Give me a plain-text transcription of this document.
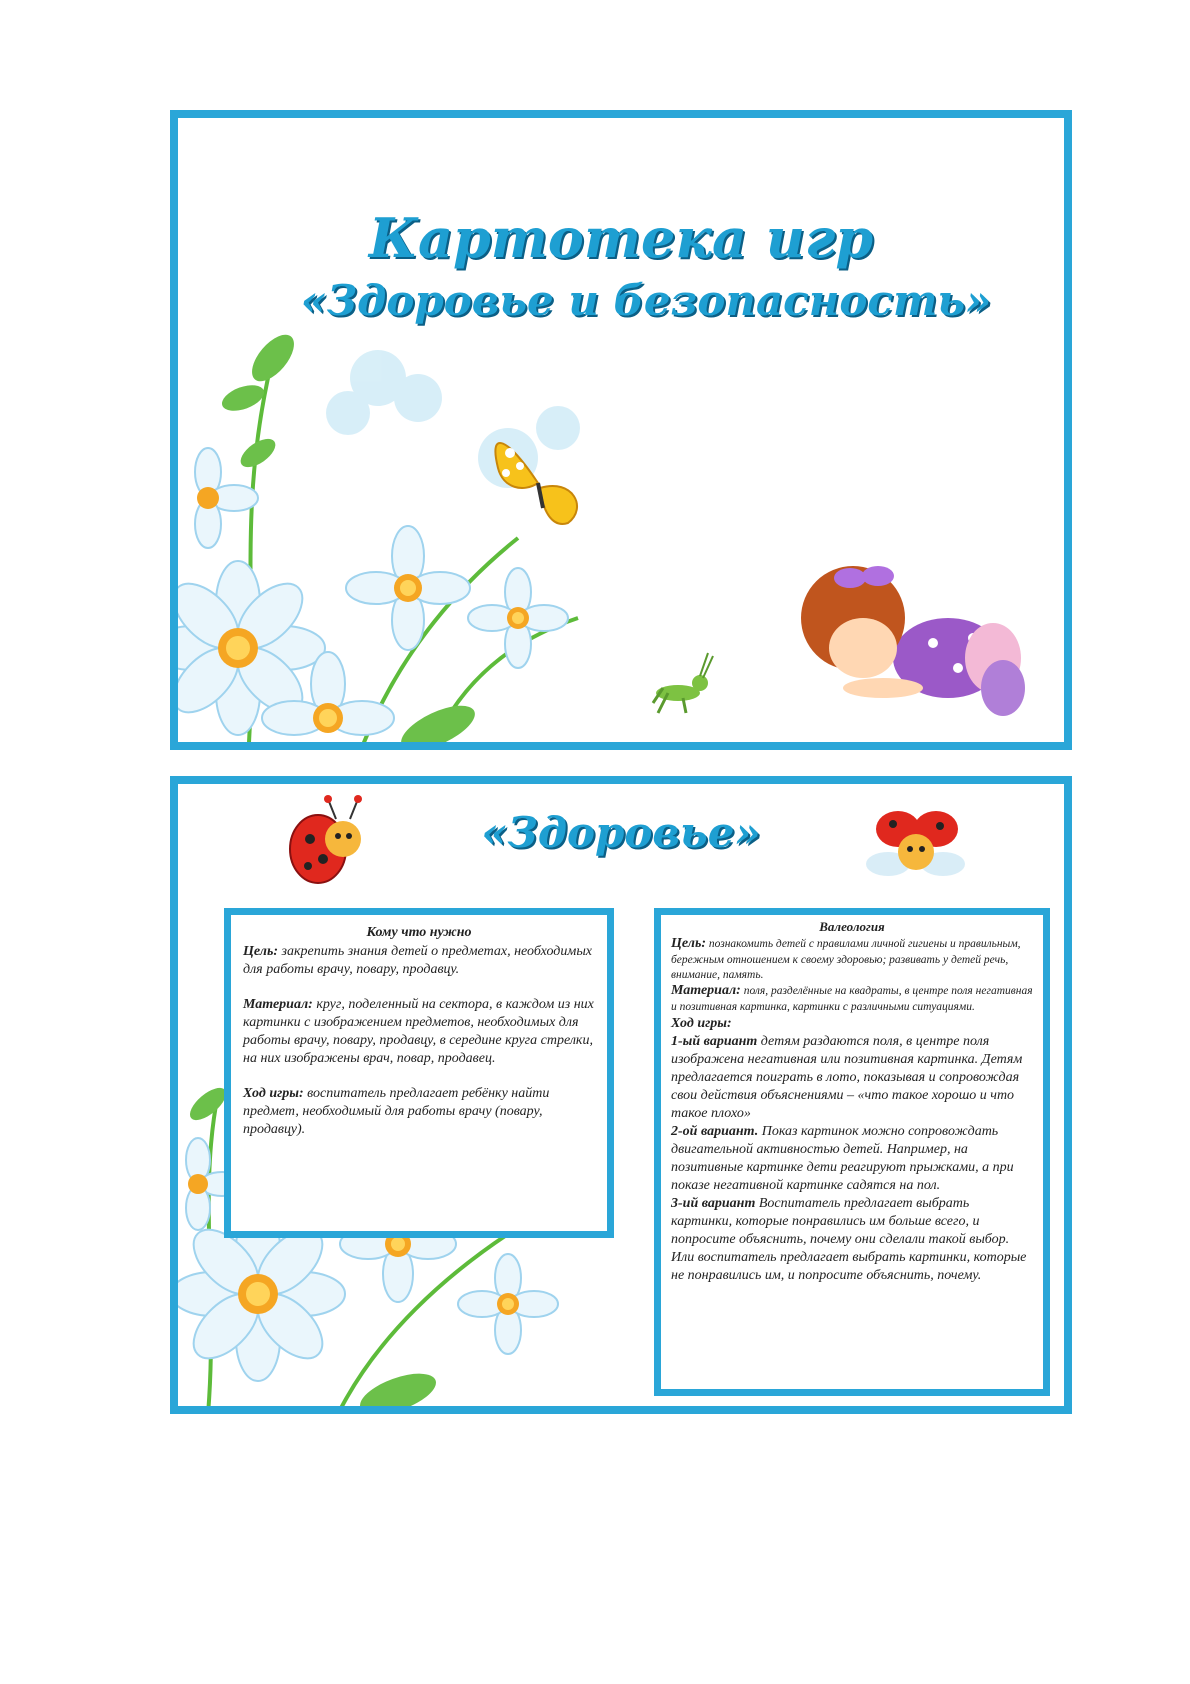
Картотека игр
«Здоровье и безопасность»
«Здоровье»
Кому что нужно

Цель: закрепить знания детей о предметах, необходимых для работы врачу, повару, продавцу.

Материал: круг, поделенный на сектора, в каждом из них картинки с изображением предметов, необходимых для работы врачу, повару, продавцу, в середине круга стрелки, на них изображены врач, повар, продавец.

Ход игры: воспитатель предлагает ребёнку найти предмет, необходимый для работы врачу (повару, продавцу).

Валеология

Цель: познакомить детей с правилами личной гигиены и правильным, бережным отношением к своему здоровью; развивать у детей речь, внимание, память.

Материал: поля, разделённые на квадраты, в центре поля негативная и позитивная картинка, картинки с различными ситуациями.

Ход игры:

1-ый вариант детям раздаются поля, в центре поля изображена негативная или позитивная картинка. Детям предлагается поиграть в лото, показывая и сопровождая свои действия объяснениями – «что такое хорошо и что такое плохо»

2-ой вариант. Показ картинок можно сопровождать двигательной активностью детей. Например, на позитивные картинке дети реагируют прыжками, а при показе негативной картинке садятся на пол.

3-ий вариант Воспитатель предлагает выбрать картинки, которые понравились им больше всего, и попросите объяснить, почему они сделали такой выбор. Или воспитатель предлагает выбрать картинки, которые не понравились им, и попросите объяснить, почему.
